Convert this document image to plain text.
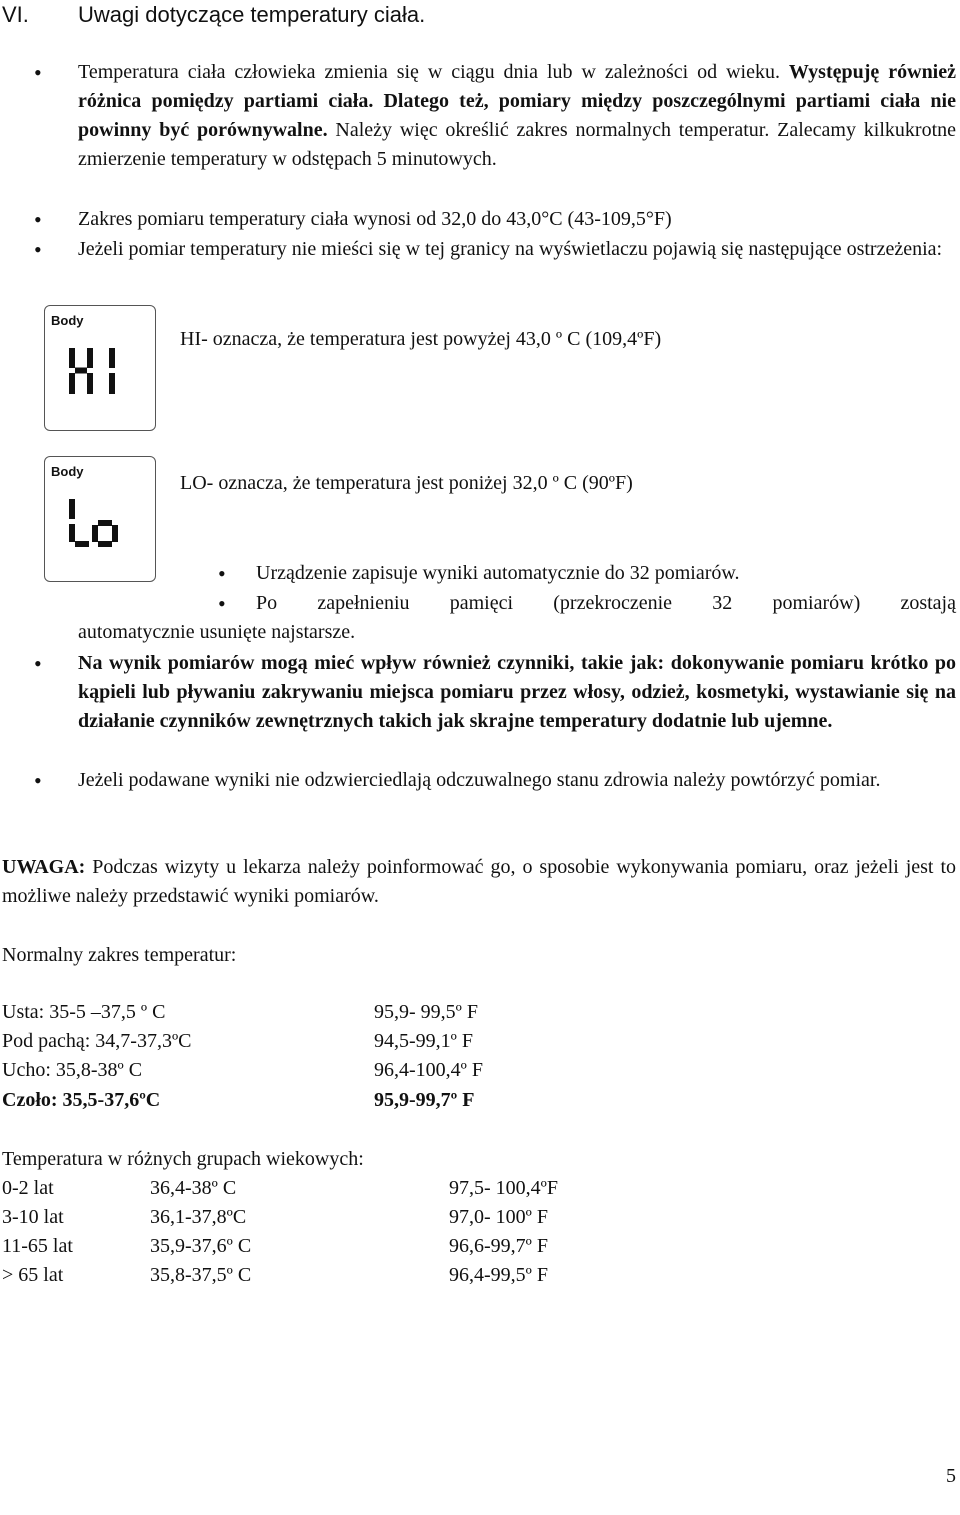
VI. Uwagi dotyczące temperatury ciała.
• Temperatura ciała człowieka zmienia się w ciągu dnia lub w zależności od wieku. Występuję również różnica pomiędzy partiami ciała. Dlatego też, pomiary między poszczególnymi partiami ciała nie powinny być porównywalne. Należy więc określić zakres normalnych temperatur. Zalecamy kilkukrotne zmierzenie temperatury w odstępach 5 minutowych.
• Zakres pomiaru temperatury ciała wynosi od 32,0 do 43,0°C (43-109,5°F)
• Jeżeli pomiar temperatury nie mieści się w tej granicy na wyświetlaczu pojawią się następujące ostrzeżenia:
Body
HI- oznacza, że temperatura jest powyżej 43,0 º C (109,4ºF)
Body
LO- oznacza, że temperatura jest poniżej 32,0 º C (90ºF)
• Urządzenie zapisuje wyniki automatycznie do 32 pomiarów.
• Po zapełnieniu pamięci (przekroczenie 32 pomiarów) zostają
automatycznie usunięte najstarsze.
• Na wynik pomiarów mogą mieć wpływ również czynniki, takie jak: dokonywanie pomiaru krótko po kąpieli lub pływaniu zakrywaniu miejsca pomiaru przez włosy, odzież, kosmetyki, wystawianie się na działanie czynników zewnętrznych takich jak skrajne temperatury dodatnie lub ujemne.
• Jeżeli podawane wyniki nie odzwierciedlają odczuwalnego stanu zdrowia należy powtórzyć pomiar.
UWAGA: Podczas wizyty u lekarza należy poinformować go, o sposobie wykonywania pomiaru, oraz jeżeli jest to możliwe należy przedstawić wyniki pomiarów.
Normalny zakres temperatur:
Usta: 35-5 –37,5 º C	95,9- 99,5º F
Pod pachą: 34,7-37,3ºC	94,5-99,1º F
Ucho: 35,8-38º C	96,4-100,4º F
Czoło: 35,5-37,6ºC	95,9-99,7º F
Temperatura w różnych grupach wiekowych:
0-2 lat	36,4-38º C	97,5- 100,4ºF
3-10 lat	36,1-37,8ºC	97,0- 100º F
11-65 lat	35,9-37,6º C	96,6-99,7º F
> 65 lat	35,8-37,5º C	96,4-99,5º F
5
